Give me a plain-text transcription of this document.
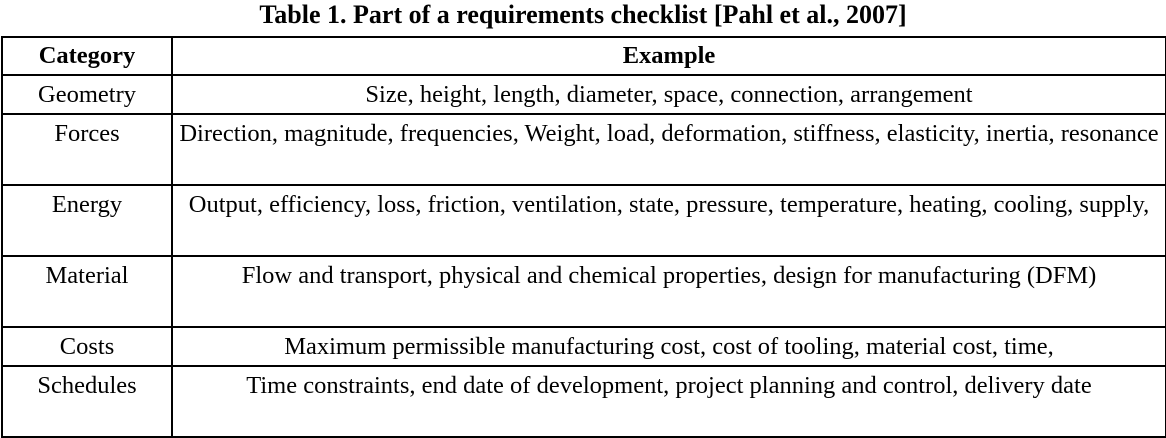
Table 1. Part of a requirements checklist [Pahl et al., 2007]
Category	Example
Geometry	Size, height, length, diameter, space, connection, arrangement
Forces	Direction, magnitude, frequencies, Weight, load, deformation, stiffness, elasticity, inertia, resonance
Energy	Output, efficiency, loss, friction, ventilation, state, pressure, temperature, heating, cooling, supply,
Material	Flow and transport, physical and chemical properties, design for manufacturing (DFM)
Costs	Maximum permissible manufacturing cost, cost of tooling, material cost, time,
Schedules	Time constraints, end date of development, project planning and control, delivery date
